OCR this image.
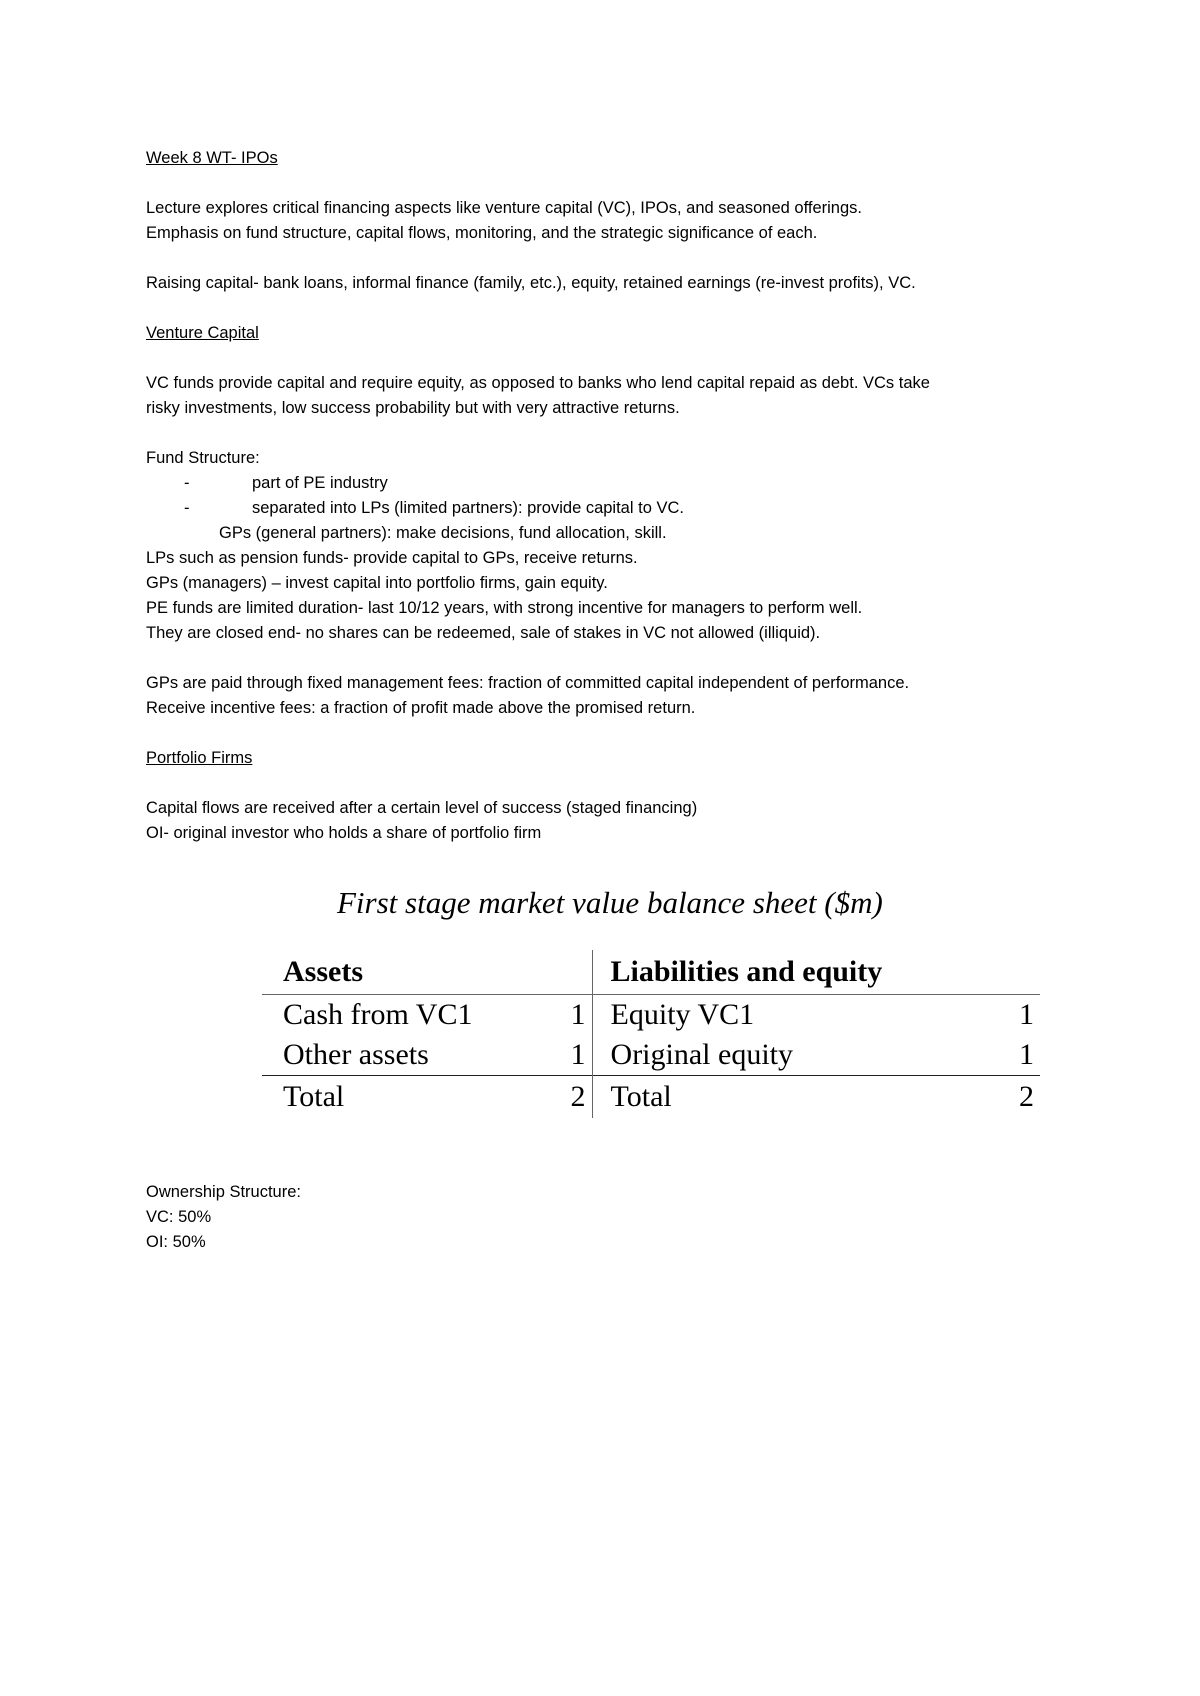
Week 8 WT- IPOs
Lecture explores critical financing aspects like venture capital (VC), IPOs, and seasoned offerings.
Emphasis on fund structure, capital flows, monitoring, and the strategic significance of each.
Raising capital- bank loans, informal finance (family, etc.), equity, retained earnings (re-invest profits), VC.
Venture Capital
VC funds provide capital and require equity, as opposed to banks who lend capital repaid as debt. VCs take
risky investments, low success probability but with very attractive returns.
Fund Structure:
-	part of PE industry
-	separated into LPs (limited partners): provide capital to VC.
GPs (general partners): make decisions, fund allocation, skill.
LPs such as pension funds- provide capital to GPs, receive returns.
GPs (managers) – invest capital into portfolio firms, gain equity.
PE funds are limited duration- last 10/12 years, with strong incentive for managers to perform well.
They are closed end- no shares can be redeemed, sale of stakes in VC not allowed (illiquid).
GPs are paid through fixed management fees: fraction of committed capital independent of performance.
Receive incentive fees: a fraction of profit made above the promised return.
Portfolio Firms
Capital flows are received after a certain level of success (staged financing)
OI- original investor who holds a share of portfolio firm
First stage market value balance sheet ($m)
Assets		Liabilities and equity	
Cash from VC1	1	Equity VC1	1
Other assets	1	Original equity	1
Total	2	Total	2
Ownership Structure:
VC: 50%
OI: 50%
